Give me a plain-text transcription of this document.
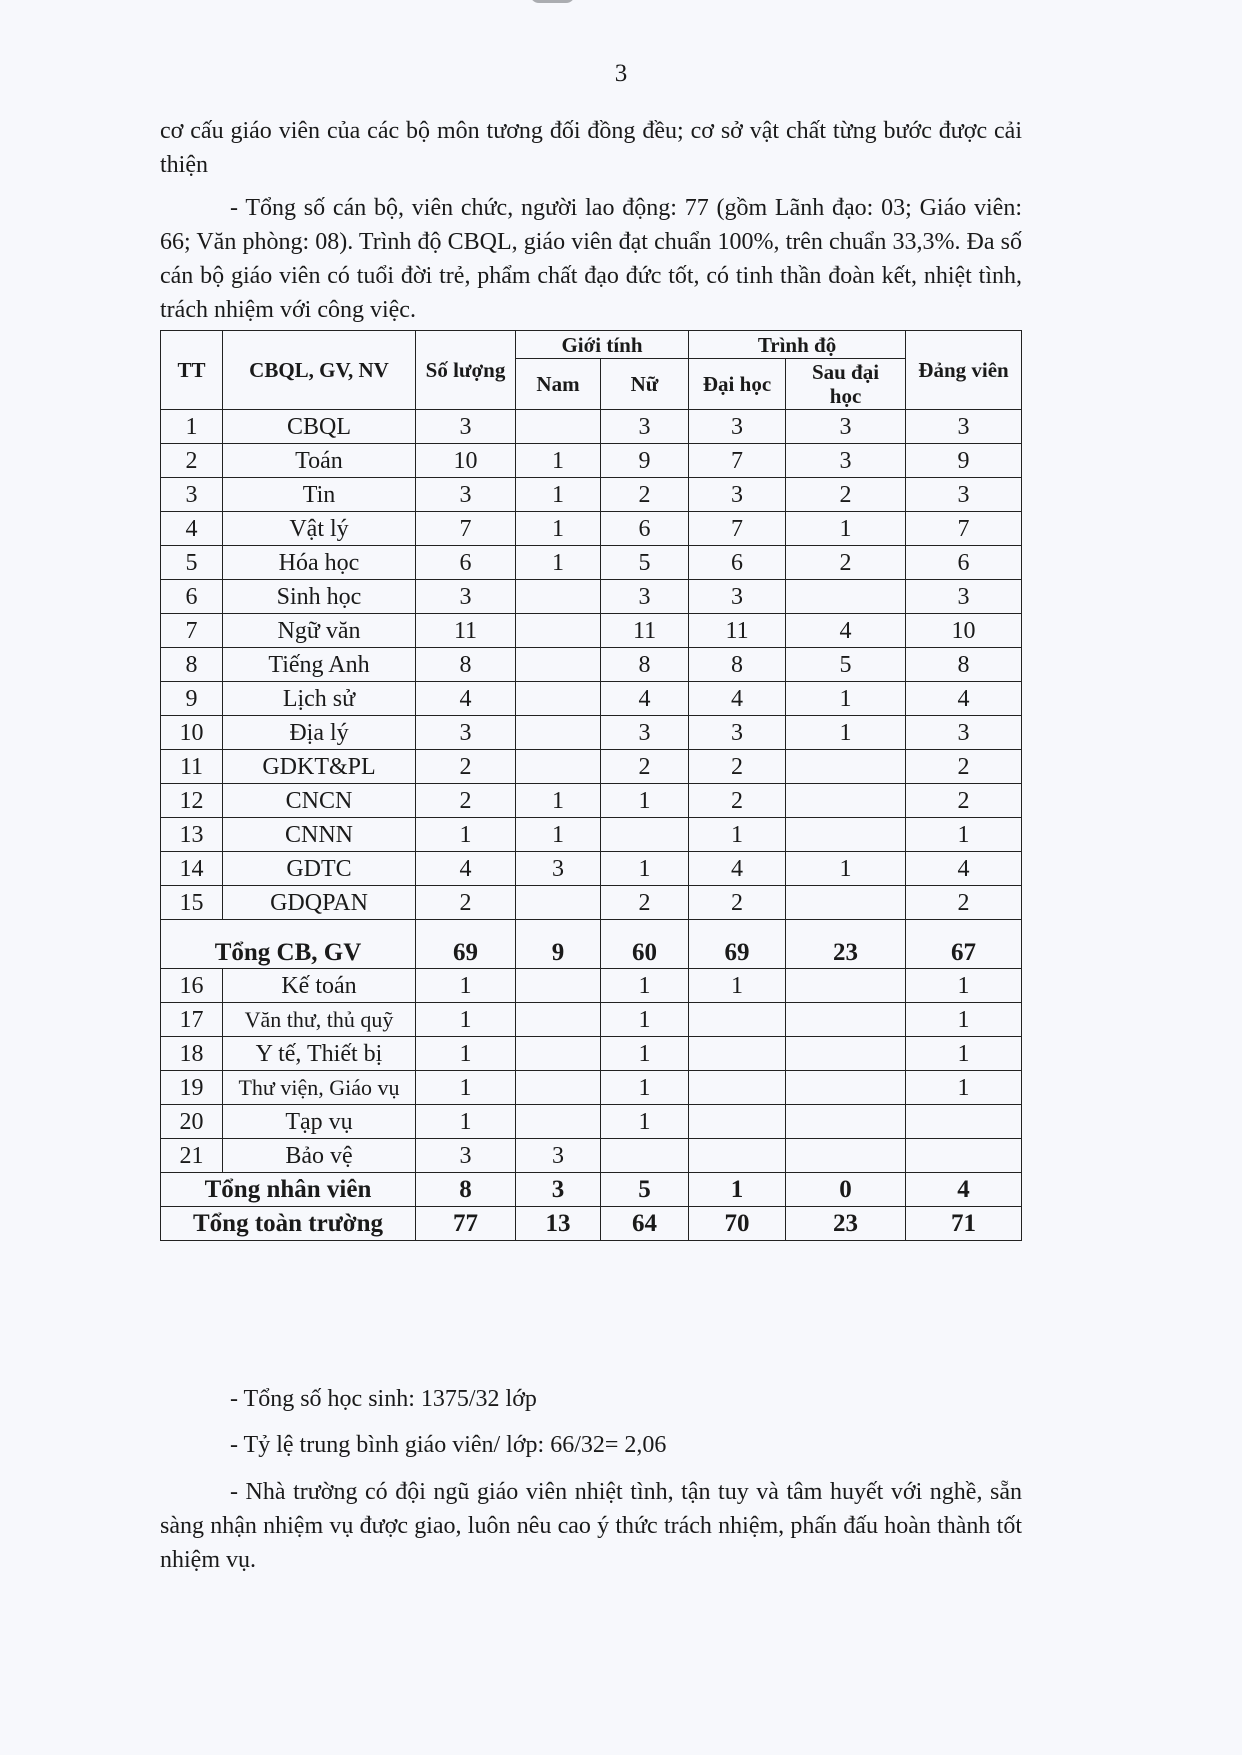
3

cơ cấu giáo viên của các bộ môn tương đối đồng đều; cơ sở vật chất từng bước được cải thiện

- Tổng số cán bộ, viên chức, người lao động: 77 (gồm Lãnh đạo: 03; Giáo viên: 66; Văn phòng: 08). Trình độ CBQL, giáo viên đạt chuẩn 100%, trên chuẩn 33,3%. Đa số cán bộ giáo viên có tuổi đời trẻ, phẩm chất đạo đức tốt, có tinh thần đoàn kết, nhiệt tình, trách nhiệm với công việc.

TT	CBQL, GV, NV	Số lượng	Giới tính		Trình độ		Đảng viên
			Nam	Nữ	Đại học	Sau đại học	
1	CBQL	3		3	3	3	3
2	Toán	10	1	9	7	3	9
3	Tin	3	1	2	3	2	3
4	Vật lý	7	1	6	7	1	7
5	Hóa học	6	1	5	6	2	6
6	Sinh học	3		3	3		3
7	Ngữ văn	11		11	11	4	10
8	Tiếng Anh	8		8	8	5	8
9	Lịch sử	4		4	4	1	4
10	Địa lý	3		3	3	1	3
11	GDKT&PL	2		2	2		2
12	CNCN	2	1	1	2		2
13	CNNN	1	1		1		1
14	GDTC	4	3	1	4	1	4
15	GDQPAN	2		2	2		2
Tổng CB, GV		69	9	60	69	23	67
16	Kế toán	1		1	1		1
17	Văn thư, thủ quỹ	1		1			1
18	Y tế, Thiết bị	1		1			1
19	Thư viện, Giáo vụ	1		1			1
20	Tạp vụ	1		1			
21	Bảo vệ	3	3				
Tổng nhân viên		8	3	5	1	0	4
Tổng toàn trường		77	13	64	70	23	71

- Tổng số học sinh: 1375/32 lớp

- Tỷ lệ trung bình giáo viên/ lớp: 66/32= 2,06

- Nhà trường có đội ngũ giáo viên nhiệt tình, tận tuy và tâm huyết với nghề, sẵn sàng nhận nhiệm vụ được giao, luôn nêu cao ý thức trách nhiệm, phấn đấu hoàn thành tốt nhiệm vụ.
